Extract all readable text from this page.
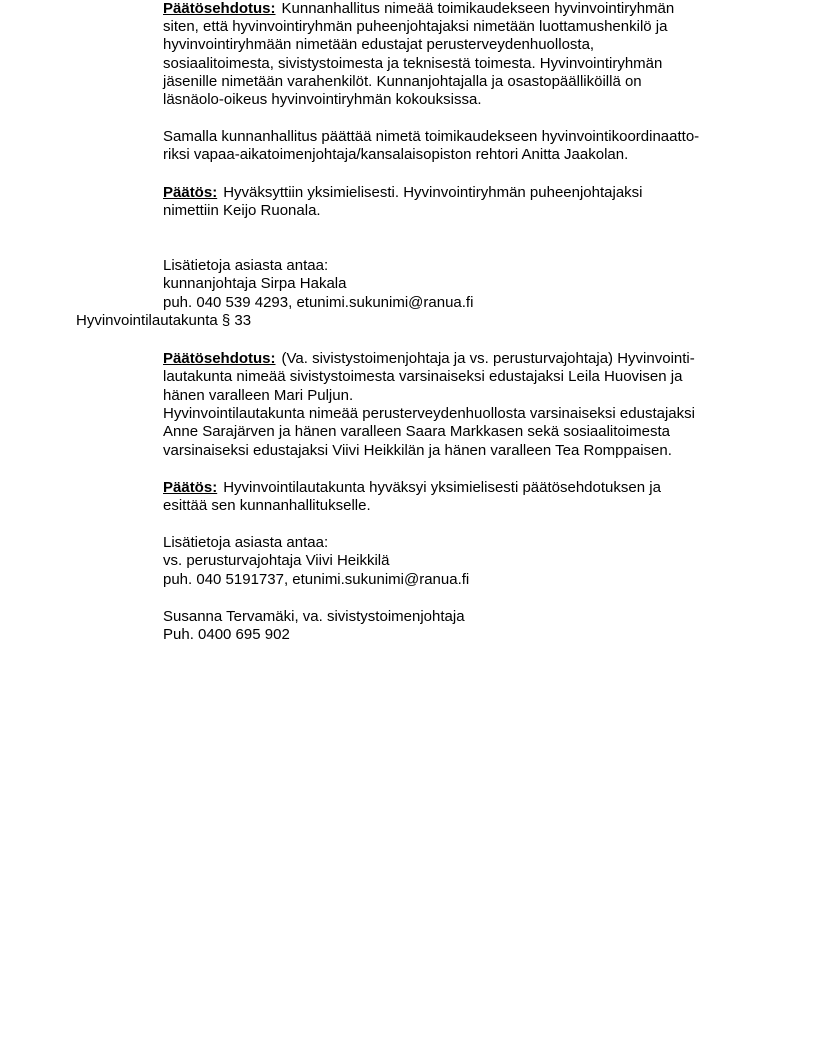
Päätösehdotus: Kunnanhallitus nimeää toimikaudekseen hyvinvointiryhmän
siten, että hyvinvointiryhmän puheenjohtajaksi nimetään luottamushenkilö ja
hyvinvointiryhmään nimetään edustajat perusterveydenhuollosta,
sosiaalitoimesta, sivistystoimesta ja teknisestä toimesta. Hyvinvointiryhmän
jäsenille nimetään varahenkilöt. Kunnanjohtajalla ja osastopäälliköillä on
läsnäolo-oikeus hyvinvointiryhmän kokouksissa.
Samalla kunnanhallitus päättää nimetä toimikaudekseen hyvinvointikoordinaatto-
riksi vapaa-aikatoimenjohtaja/kansalaisopiston rehtori Anitta Jaakolan.
Päätös: Hyväksyttiin yksimielisesti. Hyvinvointiryhmän puheenjohtajaksi
nimettiin Keijo Ruonala.
Lisätietoja asiasta antaa:
kunnanjohtaja Sirpa Hakala
puh. 040 539 4293, etunimi.sukunimi@ranua.fi
Hyvinvointilautakunta § 33
Päätösehdotus: (Va. sivistystoimenjohtaja ja vs. perusturvajohtaja) Hyvinvointi-
lautakunta nimeää sivistystoimesta varsinaiseksi edustajaksi Leila Huovisen ja
hänen varalleen Mari Puljun.
Hyvinvointilautakunta nimeää perusterveydenhuollosta varsinaiseksi edustajaksi
Anne Sarajärven ja hänen varalleen Saara Markkasen sekä sosiaalitoimesta
varsinaiseksi edustajaksi Viivi Heikkilän ja hänen varalleen Tea Romppaisen.
Päätös: Hyvinvointilautakunta hyväksyi yksimielisesti päätösehdotuksen ja
esittää sen kunnanhallitukselle.
Lisätietoja asiasta antaa:
vs. perusturvajohtaja Viivi Heikkilä
puh. 040 5191737, etunimi.sukunimi@ranua.fi
Susanna Tervamäki, va. sivistystoimenjohtaja
Puh. 0400 695 902
